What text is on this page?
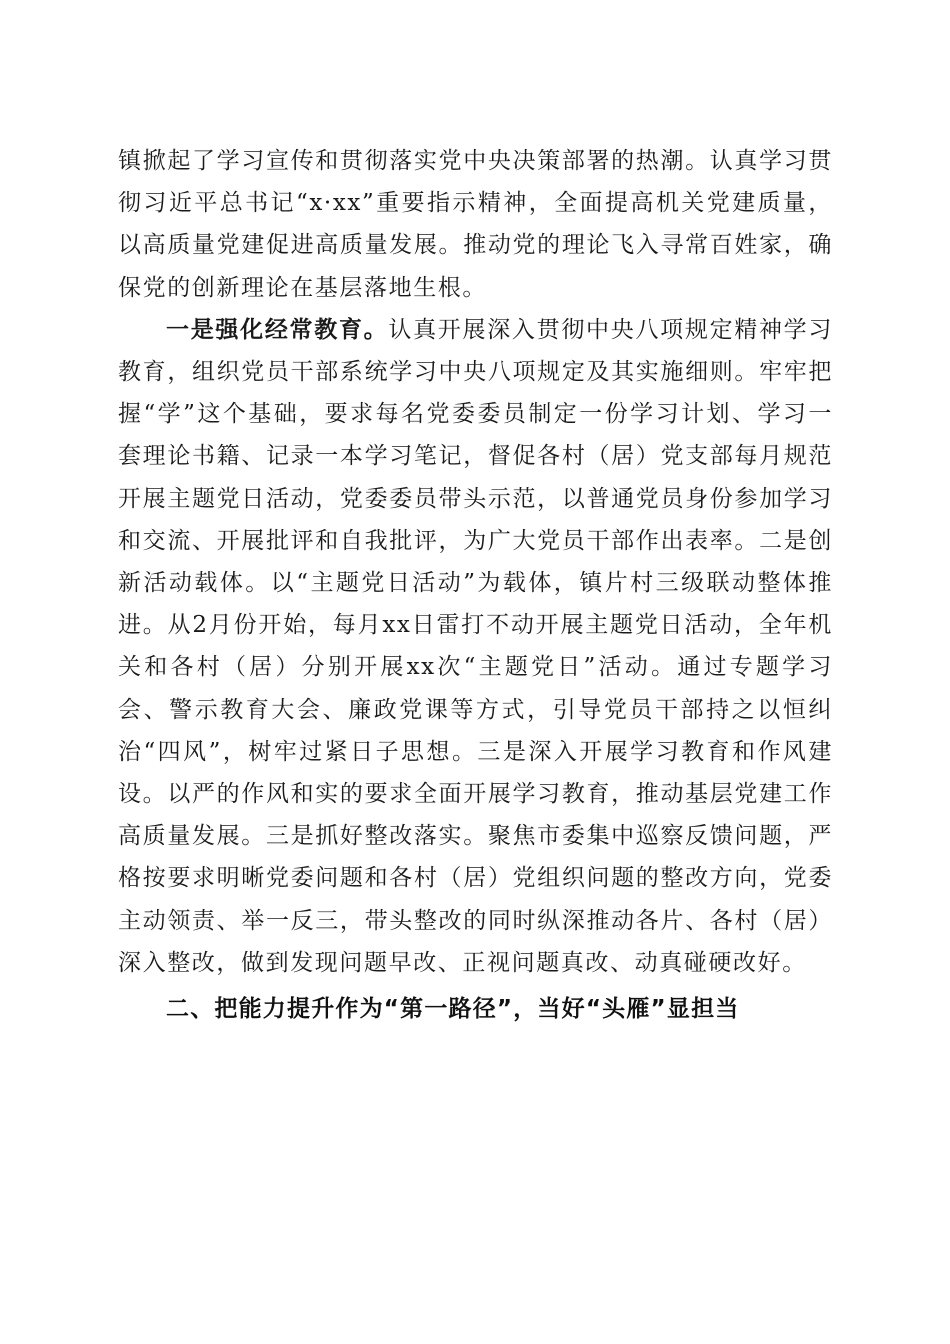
镇掀起了学习宣传和贯彻落实党中央决策部署的热潮。认真学习贯彻习近平总书记“x·xx”重要指示精神，全面提高机关党建质量，以高质量党建促进高质量发展。推动党的理论飞入寻常百姓家，确保党的创新理论在基层落地生根。

一是强化经常教育。认真开展深入贯彻中央八项规定精神学习教育，组织党员干部系统学习中央八项规定及其实施细则。牢牢把握“学”这个基础，要求每名党委委员制定一份学习计划、学习一套理论书籍、记录一本学习笔记，督促各村（居）党支部每月规范开展主题党日活动，党委委员带头示范，以普通党员身份参加学习和交流、开展批评和自我批评，为广大党员干部作出表率。二是创新活动载体。以“主题党日活动”为载体，镇片村三级联动整体推进。从2月份开始，每月xx日雷打不动开展主题党日活动，全年机关和各村（居）分别开展xx次“主题党日”活动。通过专题学习会、警示教育大会、廉政党课等方式，引导党员干部持之以恒纠治“四风”，树牢过紧日子思想。三是深入开展学习教育和作风建设。以严的作风和实的要求全面开展学习教育，推动基层党建工作高质量发展。三是抓好整改落实。聚焦市委集中巡察反馈问题，严格按要求明晰党委问题和各村（居）党组织问题的整改方向，党委主动领责、举一反三，带头整改的同时纵深推动各片、各村（居）深入整改，做到发现问题早改、正视问题真改、动真碰硬改好。

二、把能力提升作为“第一路径”，当好“头雁”显担当
